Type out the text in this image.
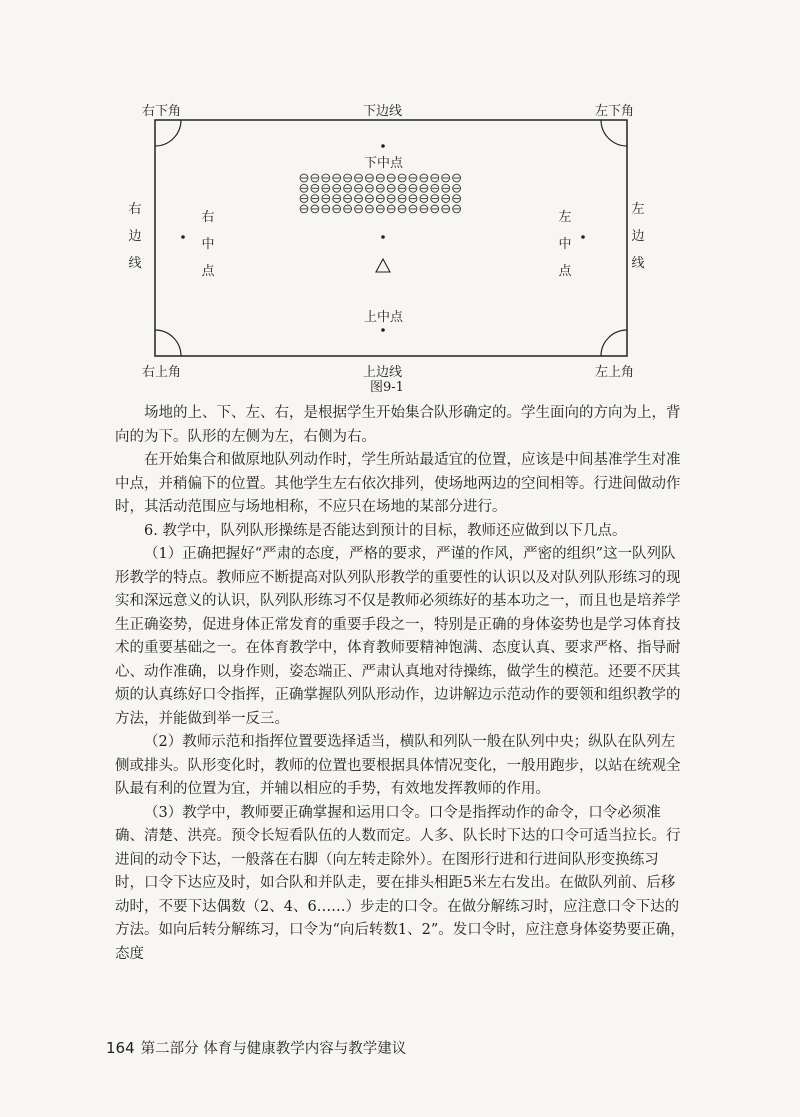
右下角	左下角
右上角	左上角
下边线
上边线
右边线
左边线
下中点
上中点
右中点
左中点
图9-1

场地的上、下、左、右，是根据学生开始集合队形确定的。学生面向的方向为上，背向的为下。队形的左侧为左，右侧为右。

在开始集合和做原地队列动作时，学生所站最适宜的位置，应该是中间基准学生对准中点，并稍偏下的位置。其他学生左右依次排列，使场地两边的空间相等。行进间做动作时，其活动范围应与场地相称，不应只在场地的某部分进行。

6. 教学中，队列队形操练是否能达到预计的目标，教师还应做到以下几点。

（1）正确把握好“严肃的态度，严格的要求，严谨的作风，严密的组织”这一队列队形教学的特点。教师应不断提高对队列队形教学的重要性的认识以及对队列队形练习的现实和深远意义的认识，队列队形练习不仅是教师必须练好的基本功之一，而且也是培养学生正确姿势，促进身体正常发育的重要手段之一，特别是正确的身体姿势也是学习体育技术的重要基础之一。在体育教学中，体育教师要精神饱满、态度认真、要求严格、指导耐心、动作准确，以身作则，姿态端正、严肃认真地对待操练，做学生的模范。还要不厌其烦的认真练好口令指挥，正确掌握队列队形动作，边讲解边示范动作的要领和组织教学的方法，并能做到举一反三。

（2）教师示范和指挥位置要选择适当，横队和列队一般在队列中央；纵队在队列左侧或排头。队形变化时，教师的位置也要根据具体情况变化，一般用跑步，以站在统观全队最有利的位置为宜，并辅以相应的手势，有效地发挥教师的作用。

（3）教学中，教师要正确掌握和运用口令。口令是指挥动作的命令，口令必须准确、清楚、洪亮。预令长短看队伍的人数而定。人多、队长时下达的口令可适当拉长。行进间的动令下达，一般落在右脚（向左转走除外）。在图形行进和行进间队形变换练习时，口令下达应及时，如合队和并队走，要在排头相距5米左右发出。在做队列前、后移动时，不要下达偶数（2、4、6……）步走的口令。在做分解练习时，应注意口令下达的方法。如向后转分解练习，口令为“向后转数1、2”。发口令时，应注意身体姿势要正确，态度

164 第二部分 体育与健康教学内容与教学建议
